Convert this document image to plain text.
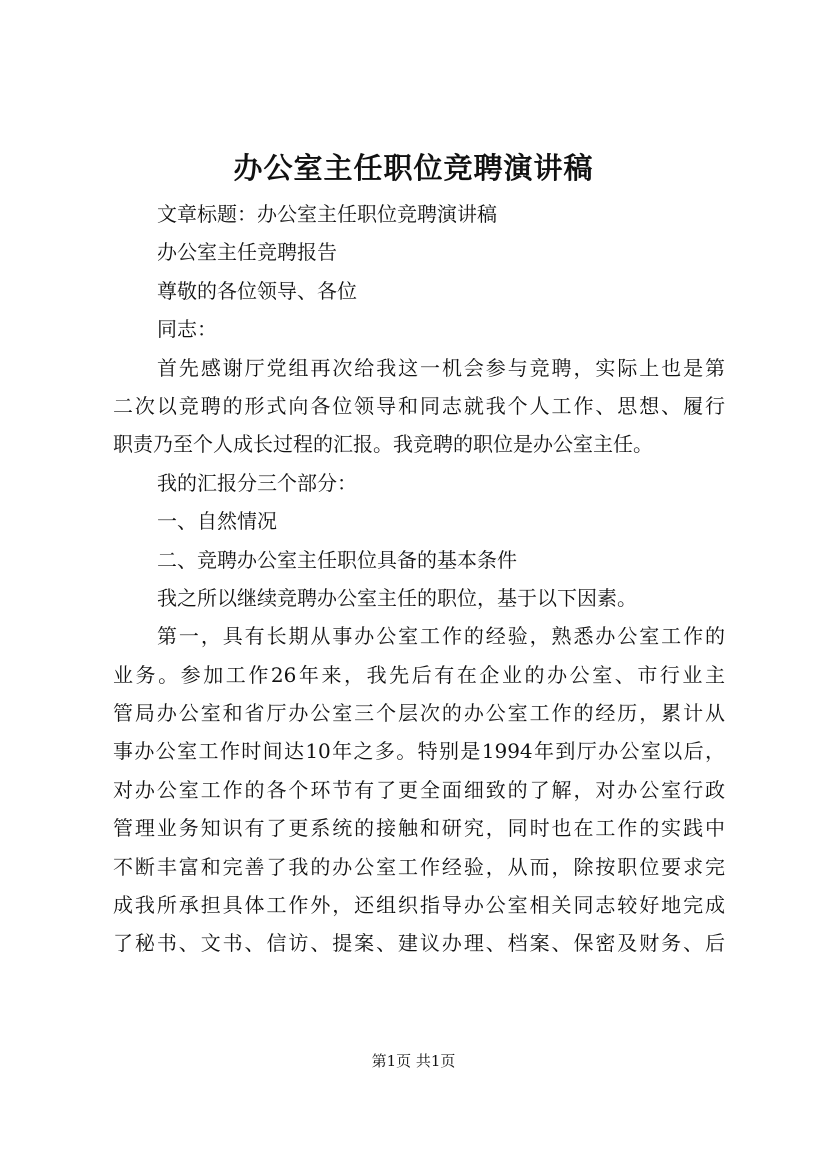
办公室主任职位竞聘演讲稿

文章标题：办公室主任职位竞聘演讲稿

办公室主任竞聘报告

尊敬的各位领导、各位

同志：

首先感谢厅党组再次给我这一机会参与竞聘，实际上也是第

二次以竞聘的形式向各位领导和同志就我个人工作、思想、履行

职责乃至个人成长过程的汇报。我竞聘的职位是办公室主任。

我的汇报分三个部分：

一、自然情况

二、竞聘办公室主任职位具备的基本条件

我之所以继续竞聘办公室主任的职位，基于以下因素。

第一，具有长期从事办公室工作的经验，熟悉办公室工作的

业务。参加工作26年来，我先后有在企业的办公室、市行业主

管局办公室和省厅办公室三个层次的办公室工作的经历，累计从

事办公室工作时间达10年之多。特别是1994年到厅办公室以后，

对办公室工作的各个环节有了更全面细致的了解，对办公室行政

管理业务知识有了更系统的接触和研究，同时也在工作的实践中

不断丰富和完善了我的办公室工作经验，从而，除按职位要求完

成我所承担具体工作外，还组织指导办公室相关同志较好地完成

了秘书、文书、信访、提案、建议办理、档案、保密及财务、后

第1页 共1页
